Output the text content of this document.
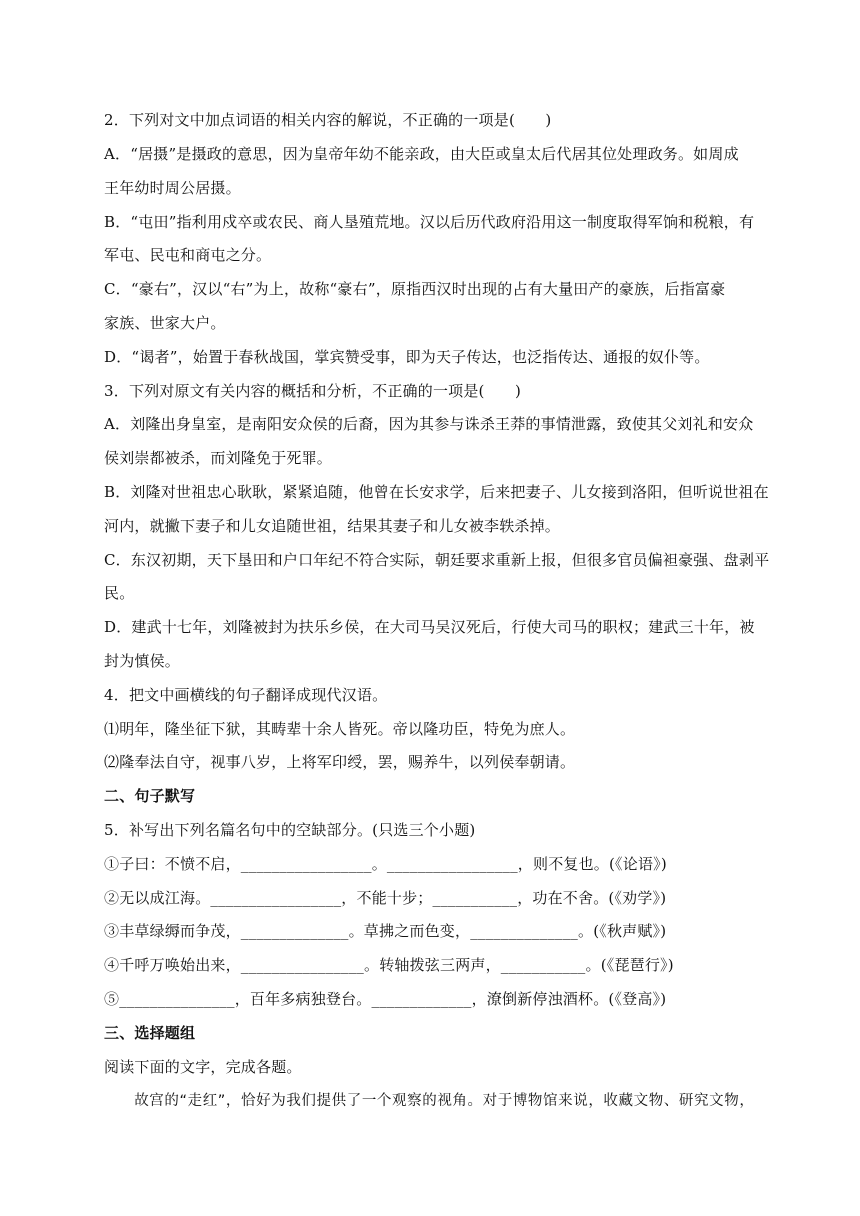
2．下列对文中加点词语的相关内容的解说，不正确的一项是(　　)
A．“居摄”是摄政的意思，因为皇帝年幼不能亲政，由大臣或皇太后代居其位处理政务。如周成
王年幼时周公居摄。
B．“屯田”指利用戍卒或农民、商人垦殖荒地。汉以后历代政府沿用这一制度取得军饷和税粮，有
军屯、民屯和商屯之分。
C．“豪右”，汉以“右”为上，故称“豪右”，原指西汉时出现的占有大量田产的豪族，后指富豪
家族、世家大户。
D．“谒者”，始置于春秋战国，掌宾赞受事，即为天子传达，也泛指传达、通报的奴仆等。
3．下列对原文有关内容的概括和分析，不正确的一项是(　　)
A．刘隆出身皇室，是南阳安众侯的后裔，因为其参与诛杀王莽的事情泄露，致使其父刘礼和安众
侯刘崇都被杀，而刘隆免于死罪。
B．刘隆对世祖忠心耿耿，紧紧追随，他曾在长安求学，后来把妻子、儿女接到洛阳，但听说世祖在
河内，就撇下妻子和儿女追随世祖，结果其妻子和儿女被李轶杀掉。
C．东汉初期，天下垦田和户口年纪不符合实际，朝廷要求重新上报，但很多官员偏袒豪强、盘剥平
民。
D．建武十七年，刘隆被封为扶乐乡侯，在大司马吴汉死后，行使大司马的职权；建武三十年，被
封为慎侯。
4．把文中画横线的句子翻译成现代汉语。
⑴明年，隆坐征下狱，其畴辈十余人皆死。帝以隆功臣，特免为庶人。
⑵隆奉法自守，视事八岁，上将军印绶，罢，赐养牛，以列侯奉朝请。
二、句子默写
5．补写出下列名篇名句中的空缺部分。(只选三个小题)
①子曰：不愤不启，_________________。_________________，则不复也。(《论语》)
②无以成江海。_________________，不能十步；___________，功在不舍。(《劝学》)
③丰草绿缛而争茂，______________。草拂之而色变，______________。(《秋声赋》)
④千呼万唤始出来，________________。转轴拨弦三两声，___________。(《琵琶行》)
⑤_______________，百年多病独登台。_____________，潦倒新停浊酒杯。(《登高》)
三、选择题组
阅读下面的文字，完成各题。
　　故宫的“走红”，恰好为我们提供了一个观察的视角。对于博物馆来说，收藏文物、研究文物，
